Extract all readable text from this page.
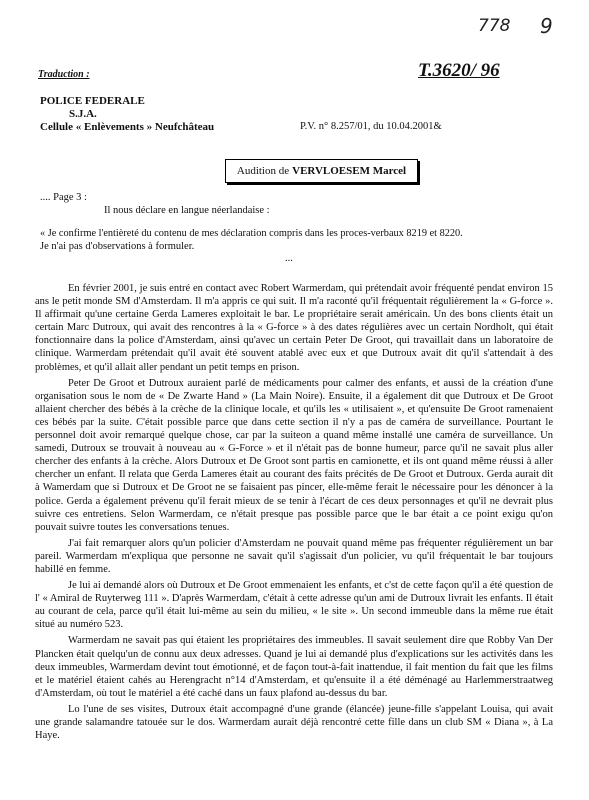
778 9
Traduction :	T.3620/ 96
POLICE FEDERALE
S.J.A.
Cellule « Enlèvements » Neufchâteau	P.V. n° 8.257/01, du 10.04.2001&
Audition de VERVLOESEM Marcel
.... Page 3 :
Il nous déclare en langue néerlandaise :
« Je confirme l'entièreté du contenu de mes déclaration compris dans les proces-verbaux 8219 et 8220.
Je n'ai pas d'observations à formuler.
...

En février 2001, je suis entré en contact avec Robert Warmerdam, qui prétendait avoir fréquenté pendat environ 15 ans le petit monde SM d'Amsterdam. Il m'a appris ce qui suit. Il m'a raconté qu'il fréquentait régulièrement la « G-force ». Il affirmait qu'une certaine Gerda Lameres exploitait le bar. Le propriétaire serait américain. Un des bons clients était un certain Marc Dutroux, qui avait des rencontres à la « G-force » à des dates régulières avec un certain Nordholt, qui était fonctionnaire dans la police d'Amsterdam, ainsi qu'avec un certain Peter De Groot, qui travaillait dans un laboratoire de clinique. Warmerdam prétendait qu'il avait été souvent atablé avec eux et que Dutroux avait dit qu'il s'attendait à des problèmes, et qu'il allait aller pendant un petit temps en prison.

Peter De Groot et Dutroux auraient parlé de médicaments pour calmer des enfants, et aussi de la création d'une organisation sous le nom de « De Zwarte Hand » (La Main Noire). Ensuite, il a également dit que Dutroux et De Groot allaient chercher des bébés à la crèche de la clinique locale, et qu'ils les « utilisaient », et qu'ensuite De Groot ramenaient ces bébés par la suite. C'était possible parce que dans cette section il n'y a pas de caméra de surveillance. Pourtant le personnel doit avoir remarqué quelque chose, car par la suiteon a quand même installé une caméra de surveillance. Un samedi, Dutroux se trouvait à nouveau au « G-Force » et il n'était pas de bonne humeur, parce qu'il ne savait plus aller chercher des enfants à la crèche. Alors Dutroux et De Groot sont partis en camionette, et ils ont quand même réussi à aller chercher un enfant. Il relata que Gerda Lameres était au courant des faits précités de De Groot et Dutroux. Gerda aurait dit à Wamerdam que si Dutroux et De Groot ne se faisaient pas pincer, elle-même ferait le nécessaire pour les dénoncer à la police. Gerda a également prévenu qu'il ferait mieux de se tenir à l'écart de ces deux personnages et qu'il ne devrait plus suivre ces entretiens. Selon Warmerdam, ce n'était presque pas possible parce que le bar était a ce point exigu qu'on pouvait suivre toutes les conversations tenues.

J'ai fait remarquer alors qu'un policier d'Amsterdam ne pouvait quand même pas fréquenter régulièrement un bar pareil. Warmerdam m'expliqua que personne ne savait qu'il s'agissait d'un policier, vu qu'il fréquentait le bar toujours habillé en femme.

Je lui ai demandé alors où Dutroux et De Groot emmenaient les enfants, et c'st de cette façon qu'il a été question de l' « Amiral de Ruyterweg 111 ». D'après Warmerdam, c'était à cette adresse qu'un ami de Dutroux livrait les enfants. Il était au courant de cela, parce qu'il était lui-même au sein du milieu, « le site ». Un second immeuble dans la même rue était situé au numéro 523.

Warmerdam ne savait pas qui étaient les propriétaires des immeubles. Il savait seulement dire que Robby Van Der Plancken était quelqu'un de connu aux deux adresses. Quand je lui ai demandé plus d'explications sur les activités dans les deux immeubles, Warmerdam devint tout émotionné, et de façon tout-à-fait inattendue, il fait mention du fait que les films et le matériel étaient cahés au Herengracht n°14 d'Amsterdam, et qu'ensuite il a été déménagé au Harlemmerstraatweg d'Amsterdam, où tout le matériel a été caché dans un faux plafond au-dessus du bar.

Lo l'une de ses visites, Dutroux était accompagné d'une grande (élancée) jeune-fille s'appelant Louisa, qui avait une grande salamandre tatouée sur le dos. Warmerdam aurait déjà rencontré cette fille dans un club SM « Diana », à La Haye.
